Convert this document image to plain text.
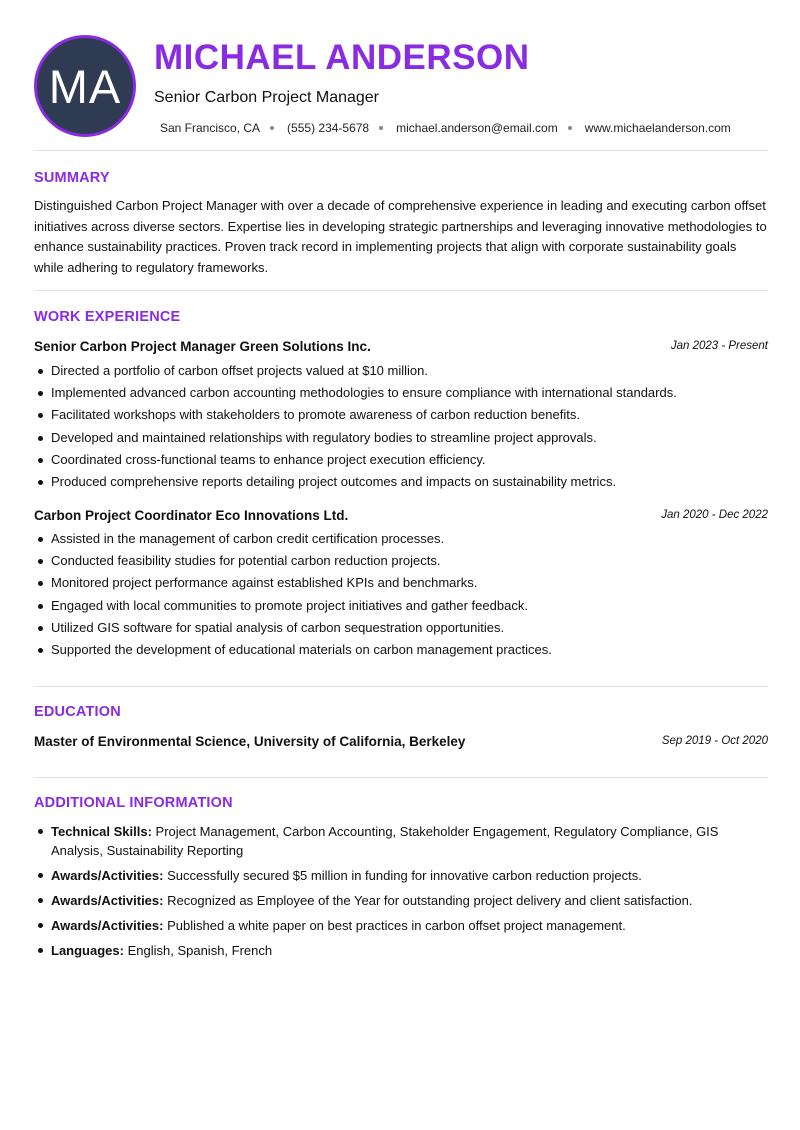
MA
MICHAEL ANDERSON
Senior Carbon Project Manager
San Francisco, CA (555) 234-5678 michael.anderson@email.com www.michaelanderson.com
SUMMARY
Distinguished Carbon Project Manager with over a decade of comprehensive experience in leading and executing carbon offset initiatives across diverse sectors. Expertise lies in developing strategic partnerships and leveraging innovative methodologies to enhance sustainability practices. Proven track record in implementing projects that align with corporate sustainability goals while adhering to regulatory frameworks.
WORK EXPERIENCE
Senior Carbon Project Manager Green Solutions Inc.	Jan 2023 - Present
Directed a portfolio of carbon offset projects valued at $10 million.
Implemented advanced carbon accounting methodologies to ensure compliance with international standards.
Facilitated workshops with stakeholders to promote awareness of carbon reduction benefits.
Developed and maintained relationships with regulatory bodies to streamline project approvals.
Coordinated cross-functional teams to enhance project execution efficiency.
Produced comprehensive reports detailing project outcomes and impacts on sustainability metrics.
Carbon Project Coordinator Eco Innovations Ltd.	Jan 2020 - Dec 2022
Assisted in the management of carbon credit certification processes.
Conducted feasibility studies for potential carbon reduction projects.
Monitored project performance against established KPIs and benchmarks.
Engaged with local communities to promote project initiatives and gather feedback.
Utilized GIS software for spatial analysis of carbon sequestration opportunities.
Supported the development of educational materials on carbon management practices.
EDUCATION
Master of Environmental Science, University of California, Berkeley	Sep 2019 - Oct 2020
ADDITIONAL INFORMATION
Technical Skills: Project Management, Carbon Accounting, Stakeholder Engagement, Regulatory Compliance, GIS Analysis, Sustainability Reporting
Awards/Activities: Successfully secured $5 million in funding for innovative carbon reduction projects.
Awards/Activities: Recognized as Employee of the Year for outstanding project delivery and client satisfaction.
Awards/Activities: Published a white paper on best practices in carbon offset project management.
Languages: English, Spanish, French
